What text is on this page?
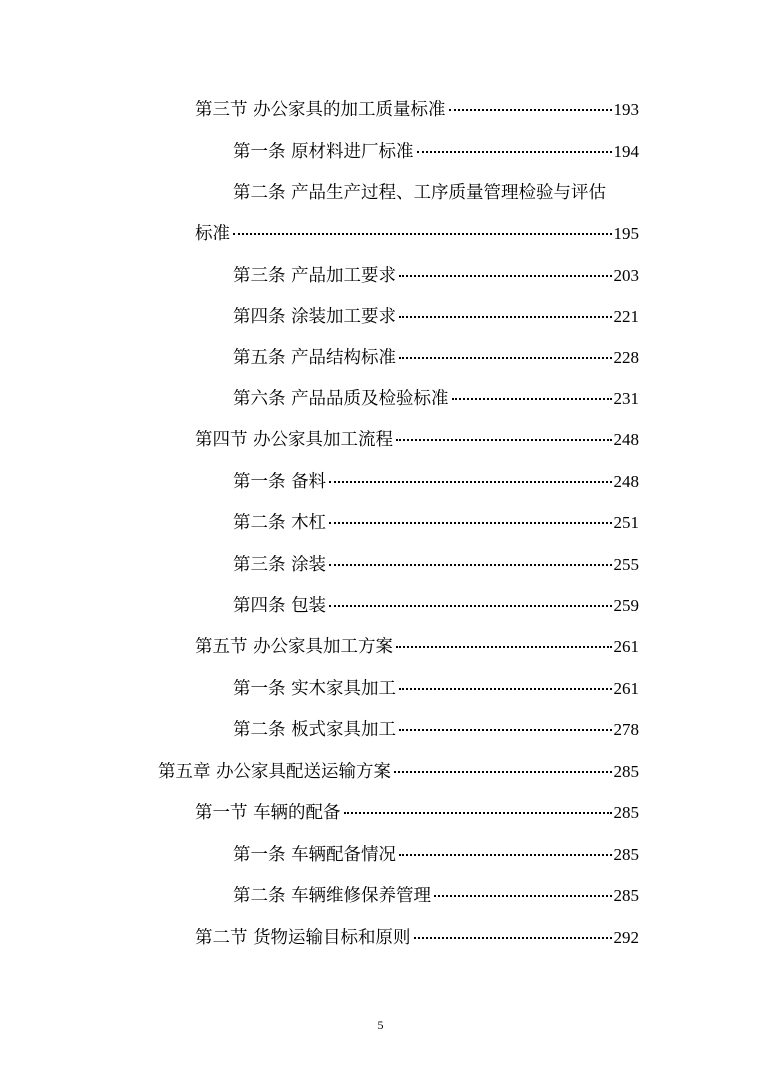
第三节 办公家具的加工质量标准	193
第一条 原材料进厂标准	194
第二条 产品生产过程、工序质量管理检验与评估
标准	195
第三条 产品加工要求	203
第四条 涂装加工要求	221
第五条 产品结构标准	228
第六条 产品品质及检验标准	231
第四节 办公家具加工流程	248
第一条 备料	248
第二条 木杠	251
第三条 涂装	255
第四条 包装	259
第五节 办公家具加工方案	261
第一条 实木家具加工	261
第二条 板式家具加工	278
第五章 办公家具配送运输方案	285
第一节 车辆的配备	285
第一条 车辆配备情况	285
第二条 车辆维修保养管理	285
第二节 货物运输目标和原则	292
5
